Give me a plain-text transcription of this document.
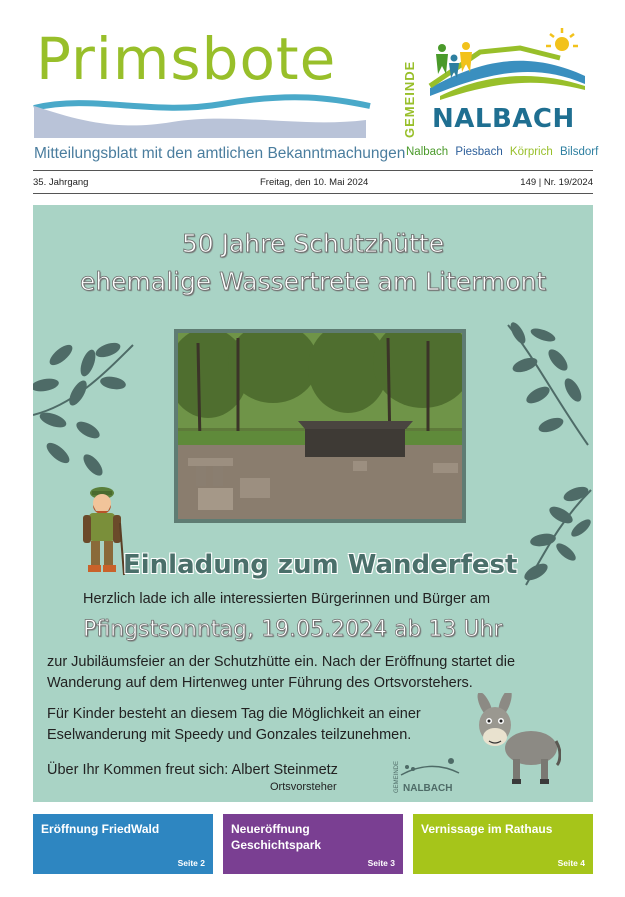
Primsbote
Mitteilungsblatt mit den amtlichen Bekanntmachungen
GEMEINDE NALBACH
Nalbach Piesbach Körprich Bilsdorf
35. Jahrgang	Freitag, den 10. Mai 2024	149 | Nr. 19/2024
50 Jahre Schutzhütte
ehemalige Wassertrete am Litermont
Einladung zum Wanderfest
Herzlich lade ich alle interessierten Bürgerinnen und Bürger am
Pfingstsonntag, 19.05.2024 ab 13 Uhr
zur Jubiläumsfeier an der Schutzhütte ein. Nach der Eröffnung startet die
Wanderung auf dem Hirtenweg unter Führung des Ortsvorstehers.
Für Kinder besteht an diesem Tag die Möglichkeit an einer
Eselwanderung mit Speedy und Gonzales teilzunehmen.
Über Ihr Kommen freut sich: Albert Steinmetz
Ortsvorsteher	GEMEINDE NALBACH
Eröffnung FriedWald
Seite 2
Neueröffnung Geschichtspark
Seite 3
Vernissage im Rathaus
Seite 4
